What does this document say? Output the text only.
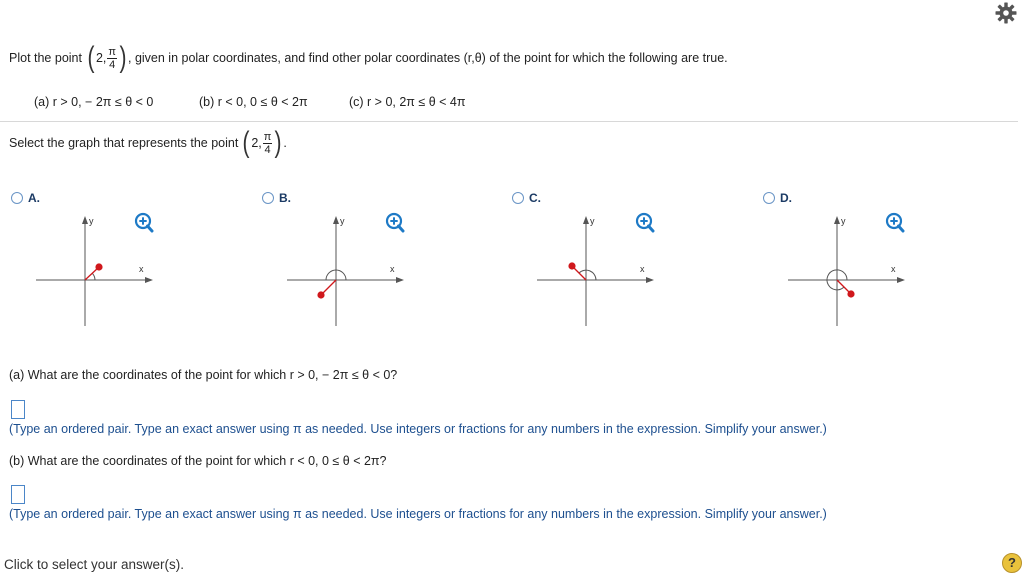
Plot the point ( 2, $\frac{\pi}{4}$ ) , given in polar coordinates, and find other polar coordinates (r,θ) of the point for which the following are true.
(a) r > 0, − 2π ≤ θ < 0	(b) r < 0, 0 ≤ θ < 2π	(c) r > 0, 2π ≤ θ < 4π
Select the graph that represents the point ( 2, $\frac{\pi}{4}$ ) .
A.
y
x
B.
y
x
C.
y
x
D.
y
x
(a) What are the coordinates of the point for which r > 0, − 2π ≤ θ < 0?
(Type an ordered pair. Type an exact answer using π as needed. Use integers or fractions for any numbers in the expression. Simplify your answer.)
(b) What are the coordinates of the point for which r < 0, 0 ≤ θ < 2π?
(Type an ordered pair. Type an exact answer using π as needed. Use integers or fractions for any numbers in the expression. Simplify your answer.)
Click to select your answer(s).	?
